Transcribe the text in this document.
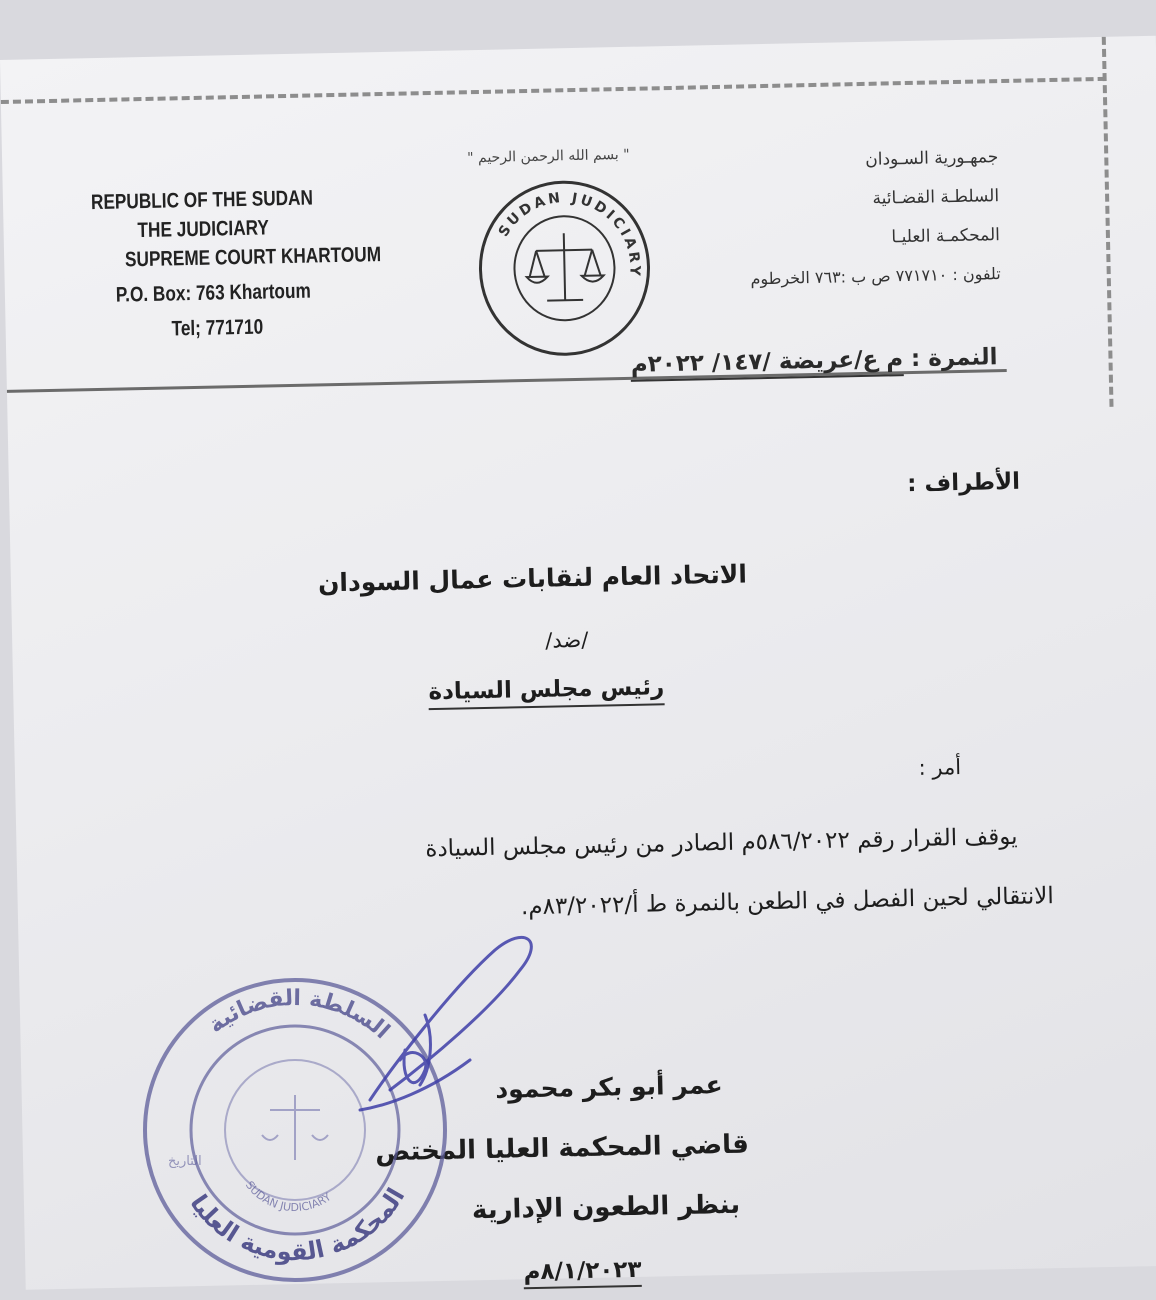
REPUBLIC OF THE SUDAN
THE JUDICIARY
SUPREME COURT KHARTOUM
P.O. Box: 763 Khartoum
Tel; 771710
" بسم الله الرحمن الرحيم "
SUDAN JUDICIARY
جمهـورية السـودان
السلطـة القضـائية
المحكمـة العليـا
تلفون : ٧٧١٧١٠ ص ب :٧٦٣ الخرطوم
النمرة : م ع/عريضة /١٤٧/ ٢٠٢٢م
الأطراف :
الاتحاد العام لنقابات عمال السودان
/ضد/
رئيس مجلس السيادة
أمر :
يوقف القرار رقم ٥٨٦/٢٠٢٢م الصادر من رئيس مجلس السيادة
الانتقالي لحين الفصل في الطعن بالنمرة ط أ/٨٣/٢٠٢٢م.
عمر أبو بكر محمود
قاضي المحكمة العليا المختص
بنظر الطعون الإدارية
٨/١/٢٠٢٣م
السلطة القضائية
المحكمة القومية العليا
SUDAN JUDICIARY
التاريخ
